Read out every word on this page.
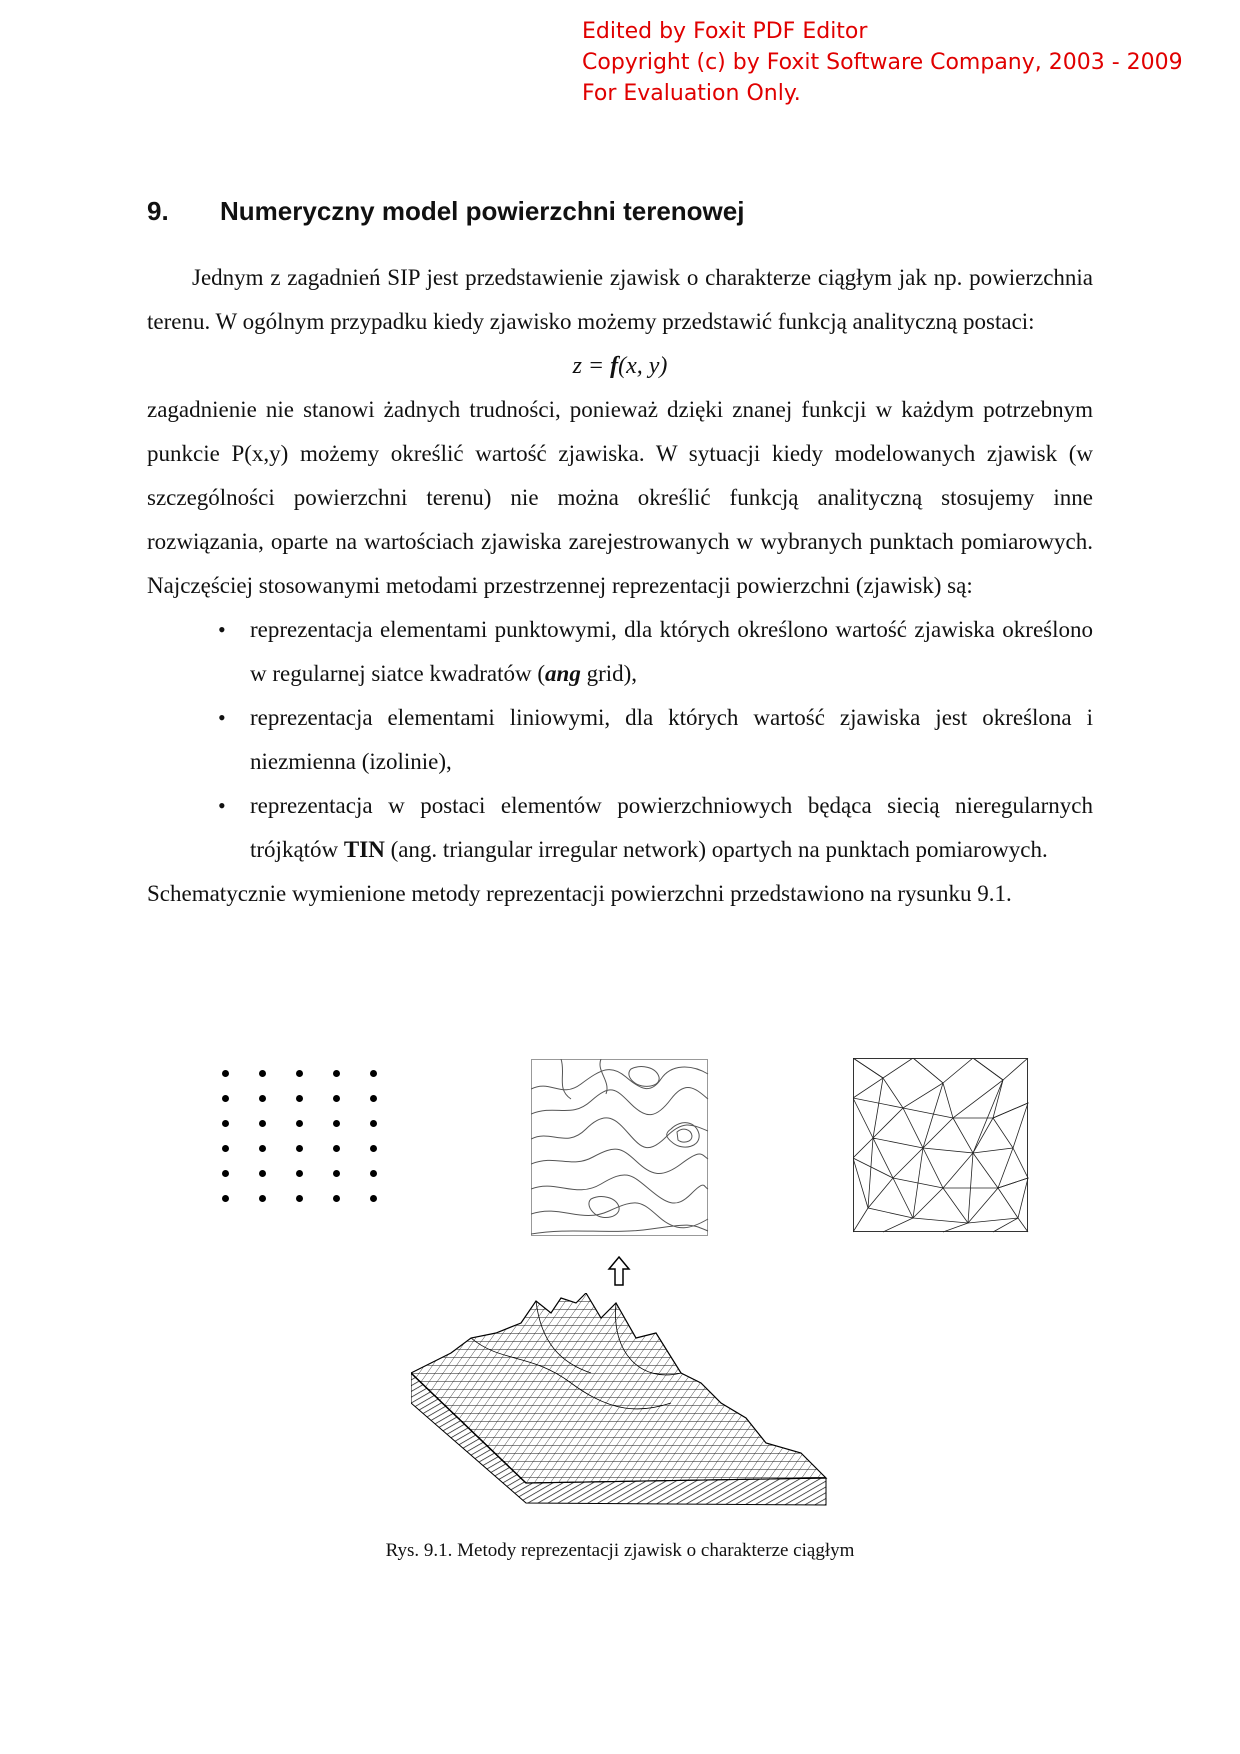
Edited by Foxit PDF Editor
Copyright (c) by Foxit Software Company, 2003 - 2009
For Evaluation Only.
9. Numeryczny model powierzchni terenowej

Jednym z zagadnień SIP jest przedstawienie zjawisk o charakterze ciągłym jak np. powierzchnia terenu. W ogólnym przypadku kiedy zjawisko możemy przedstawić funkcją analityczną postaci:

z = f(x, y)

zagadnienie nie stanowi żadnych trudności, ponieważ dzięki znanej funkcji w każdym potrzebnym punkcie P(x,y) możemy określić wartość zjawiska. W sytuacji kiedy modelowanych zjawisk (w szczególności powierzchni terenu) nie można określić funkcją analityczną stosujemy inne rozwiązania, oparte na wartościach zjawiska zarejestrowanych w wybranych punktach pomiarowych. Najczęściej stosowanymi metodami przestrzennej reprezentacji powierzchni (zjawisk) są:

• reprezentacja elementami punktowymi, dla których określono wartość zjawiska określono w regularnej siatce kwadratów (ang grid),
• reprezentacja elementami liniowymi, dla których wartość zjawiska jest określona i niezmienna (izolinie),
• reprezentacja w postaci elementów powierzchniowych będąca siecią nieregularnych trójkątów TIN (ang. triangular irregular network) opartych na punktach pomiarowych.

Schematycznie wymienione metody reprezentacji powierzchni przedstawiono na rysunku 9.1.

Rys. 9.1. Metody reprezentacji zjawisk o charakterze ciągłym
